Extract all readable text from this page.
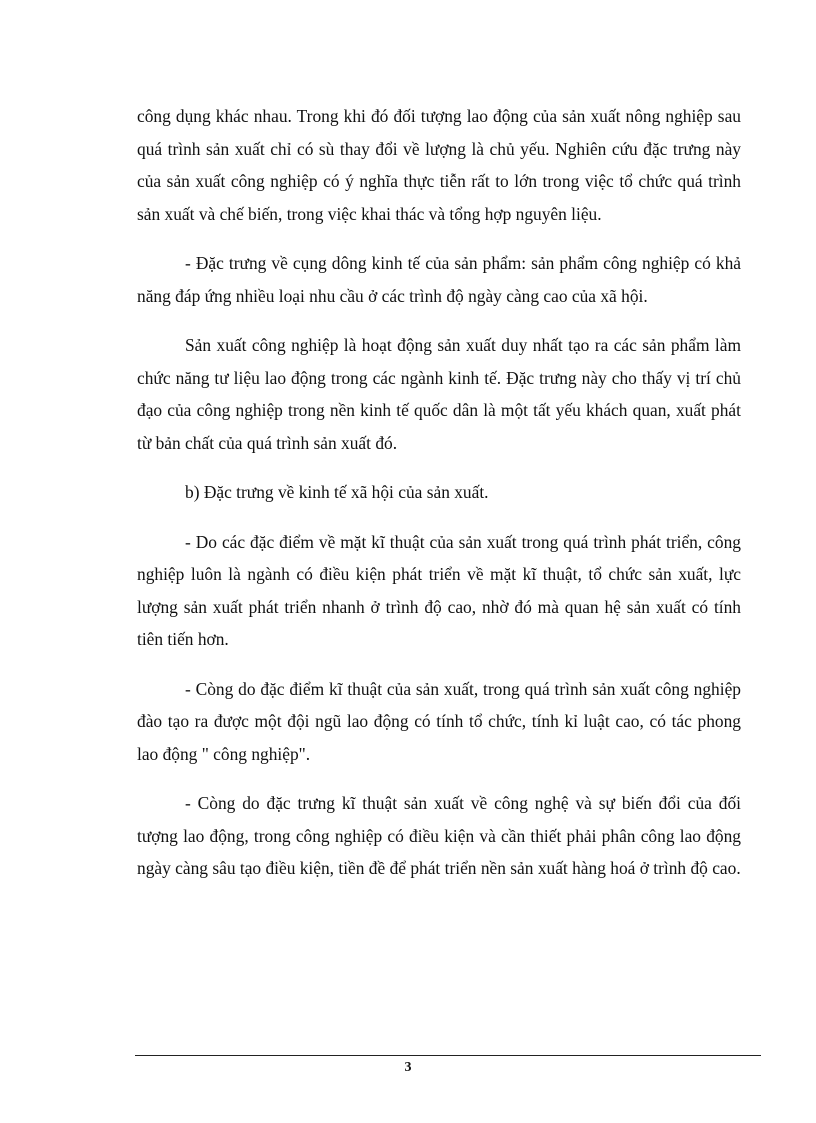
công dụng khác nhau. Trong khi đó đối tượng lao động của sản xuất nông nghiệp sau quá trình sản xuất chỉ có sù thay đổi về lượng là chủ yếu. Nghiên cứu đặc trưng này của sản xuất công nghiệp có ý nghĩa thực tiễn rất to lớn trong việc tổ chức quá trình sản xuất và chế biến, trong việc khai thác và tổng hợp nguyên liệu.

- Đặc trưng về cụng dông kinh tế của sản phẩm: sản phẩm công nghiệp có khả năng đáp ứng nhiều loại nhu cầu ở các trình độ ngày càng cao của xã hội.

Sản xuất công nghiệp là hoạt động sản xuất duy nhất tạo ra các sản phẩm làm chức năng tư liệu lao động trong các ngành kinh tế. Đặc trưng này cho thấy vị trí chủ đạo của công nghiệp trong nền kinh tế quốc dân là một tất yếu khách quan, xuất phát từ bản chất của quá trình sản xuất đó.

b) Đặc trưng về kinh tế xã hội của sản xuất.

- Do các đặc điểm về mặt kĩ thuật của sản xuất trong quá trình phát triển, công nghiệp luôn là ngành có điều kiện phát triển về mặt kĩ thuật, tổ chức sản xuất, lực lượng sản xuất phát triển nhanh ở trình độ cao, nhờ đó mà quan hệ sản xuất có tính tiên tiến hơn.

- Còng do đặc điểm kĩ thuật của sản xuất, trong quá trình sản xuất công nghiệp đào tạo ra được một đội ngũ lao động có tính tổ chức, tính kỉ luật cao, có tác phong lao động " công nghiệp".

- Còng do đặc trưng kĩ thuật sản xuất về công nghệ và sự biến đổi của đối tượng lao động, trong công nghiệp có điều kiện và cần thiết phải phân công lao động ngày càng sâu tạo điều kiện, tiền đề để phát triển nền sản xuất hàng hoá ở trình độ cao.

3
